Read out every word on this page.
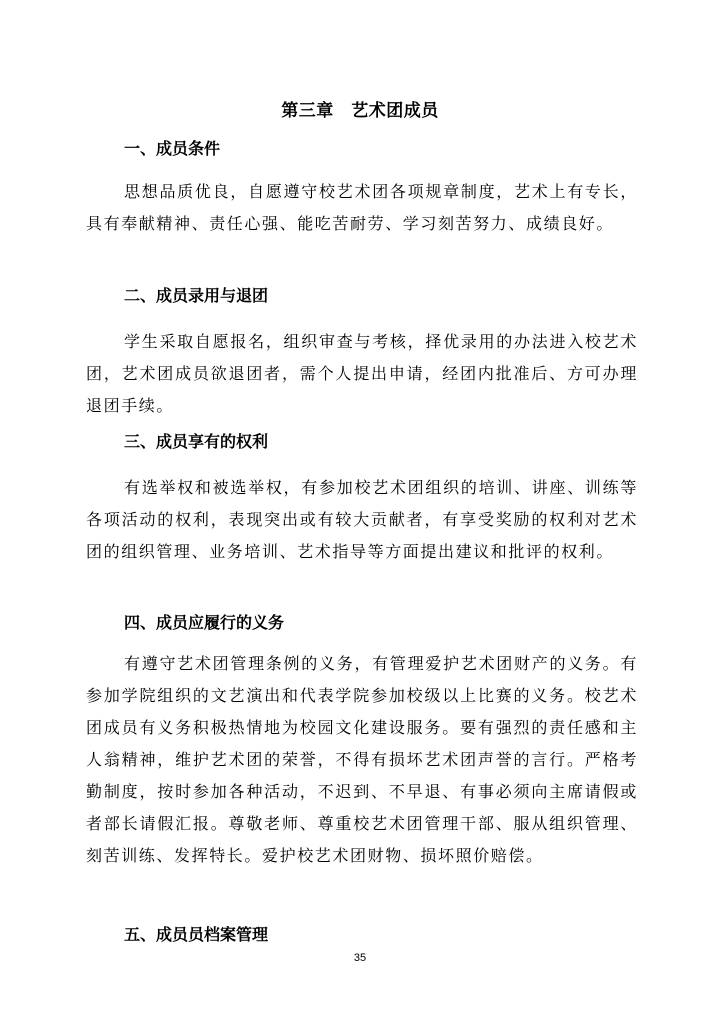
第三章　艺术团成员
一、成员条件

思想品质优良，自愿遵守校艺术团各项规章制度，艺术上有专长，具有奉献精神、责任心强、能吃苦耐劳、学习刻苦努力、成绩良好。

二、成员录用与退团

学生采取自愿报名，组织审查与考核，择优录用的办法进入校艺术团，艺术团成员欲退团者，需个人提出申请，经团内批准后、方可办理退团手续。

三、成员享有的权利

有选举权和被选举权，有参加校艺术团组织的培训、讲座、训练等各项活动的权利，表现突出或有较大贡献者，有享受奖励的权利对艺术团的组织管理、业务培训、艺术指导等方面提出建议和批评的权利。

四、成员应履行的义务

有遵守艺术团管理条例的义务，有管理爱护艺术团财产的义务。有参加学院组织的文艺演出和代表学院参加校级以上比赛的义务。校艺术团成员有义务积极热情地为校园文化建设服务。要有强烈的责任感和主人翁精神，维护艺术团的荣誉，不得有损坏艺术团声誉的言行。严格考勤制度，按时参加各种活动，不迟到、不早退、有事必须向主席请假或者部长请假汇报。尊敬老师、尊重校艺术团管理干部、服从组织管理、刻苦训练、发挥特长。爱护校艺术团财物、损坏照价赔偿。

五、成员员档案管理
35
